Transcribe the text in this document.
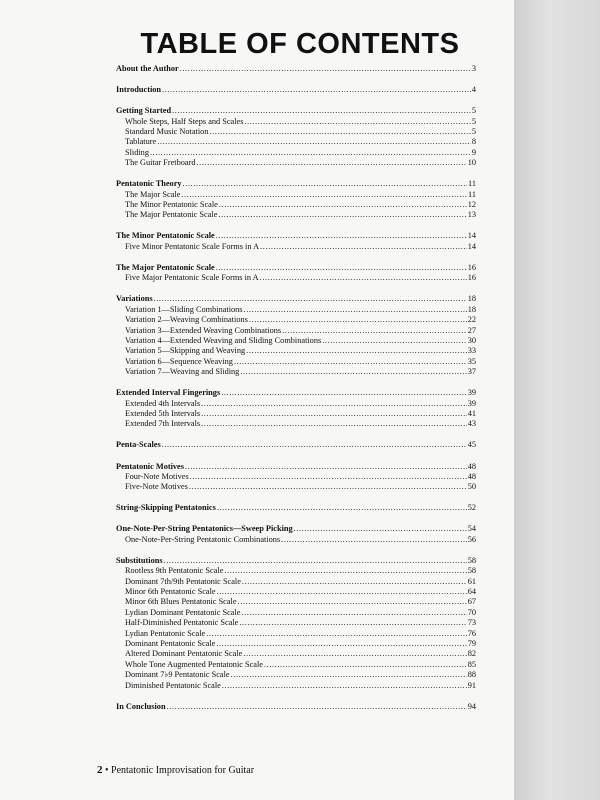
TABLE OF CONTENTS
About the Author .....	3
Introduction .....	4
Getting Started .....	5
Whole Steps, Half Steps and Scales .....	5
Standard Music Notation .....	5
Tablature .....	8
Sliding .....	9
The Guitar Fretboard .....	10
Pentatonic Theory .....	11
The Major Scale .....	11
The Minor Pentatonic Scale .....	12
The Major Pentatonic Scale .....	13
The Minor Pentatonic Scale .....	14
Five Minor Pentatonic Scale Forms in A .....	14
The Major Pentatonic Scale .....	16
Five Major Pentatonic Scale Forms in A .....	16
Variations .....	18
Variation 1—Sliding Combinations .....	18
Variation 2—Weaving Combinations .....	22
Variation 3—Extended Weaving Combinations .....	27
Variation 4—Extended Weaving and Sliding Combinations .....	30
Variation 5—Skipping and Weaving .....	33
Variation 6—Sequence Weaving .....	35
Variation 7—Weaving and Sliding .....	37
Extended Interval Fingerings .....	39
Extended 4th Intervals .....	39
Extended 5th Intervals .....	41
Extended 7th Intervals .....	43
Penta-Scales .....	45
Pentatonic Motives .....	48
Four-Note Motives .....	48
Five-Note Motives .....	50
String-Skipping Pentatonics .....	52
One-Note-Per-String Pentatonics—Sweep Picking .....	54
One-Note-Per-String Pentatonic Combinations .....	56
Substitutions .....	58
Rootless 9th Pentatonic Scale .....	58
Dominant 7th/9th Pentatonic Scale .....	61
Minor 6th Pentatonic Scale .....	64
Minor 6th Blues Pentatonic Scale .....	67
Lydian Dominant Pentatonic Scale .....	70
Half-Diminished Pentatonic Scale .....	73
Lydian Pentatonic Scale .....	76
Dominant Pentatonic Scale .....	79
Altered Dominant Pentatonic Scale .....	82
Whole Tone Augmented Pentatonic Scale .....	85
Dominant 7♭9 Pentatonic Scale .....	88
Diminished Pentatonic Scale .....	91
In Conclusion .....	94
2 • Pentatonic Improvisation for Guitar
